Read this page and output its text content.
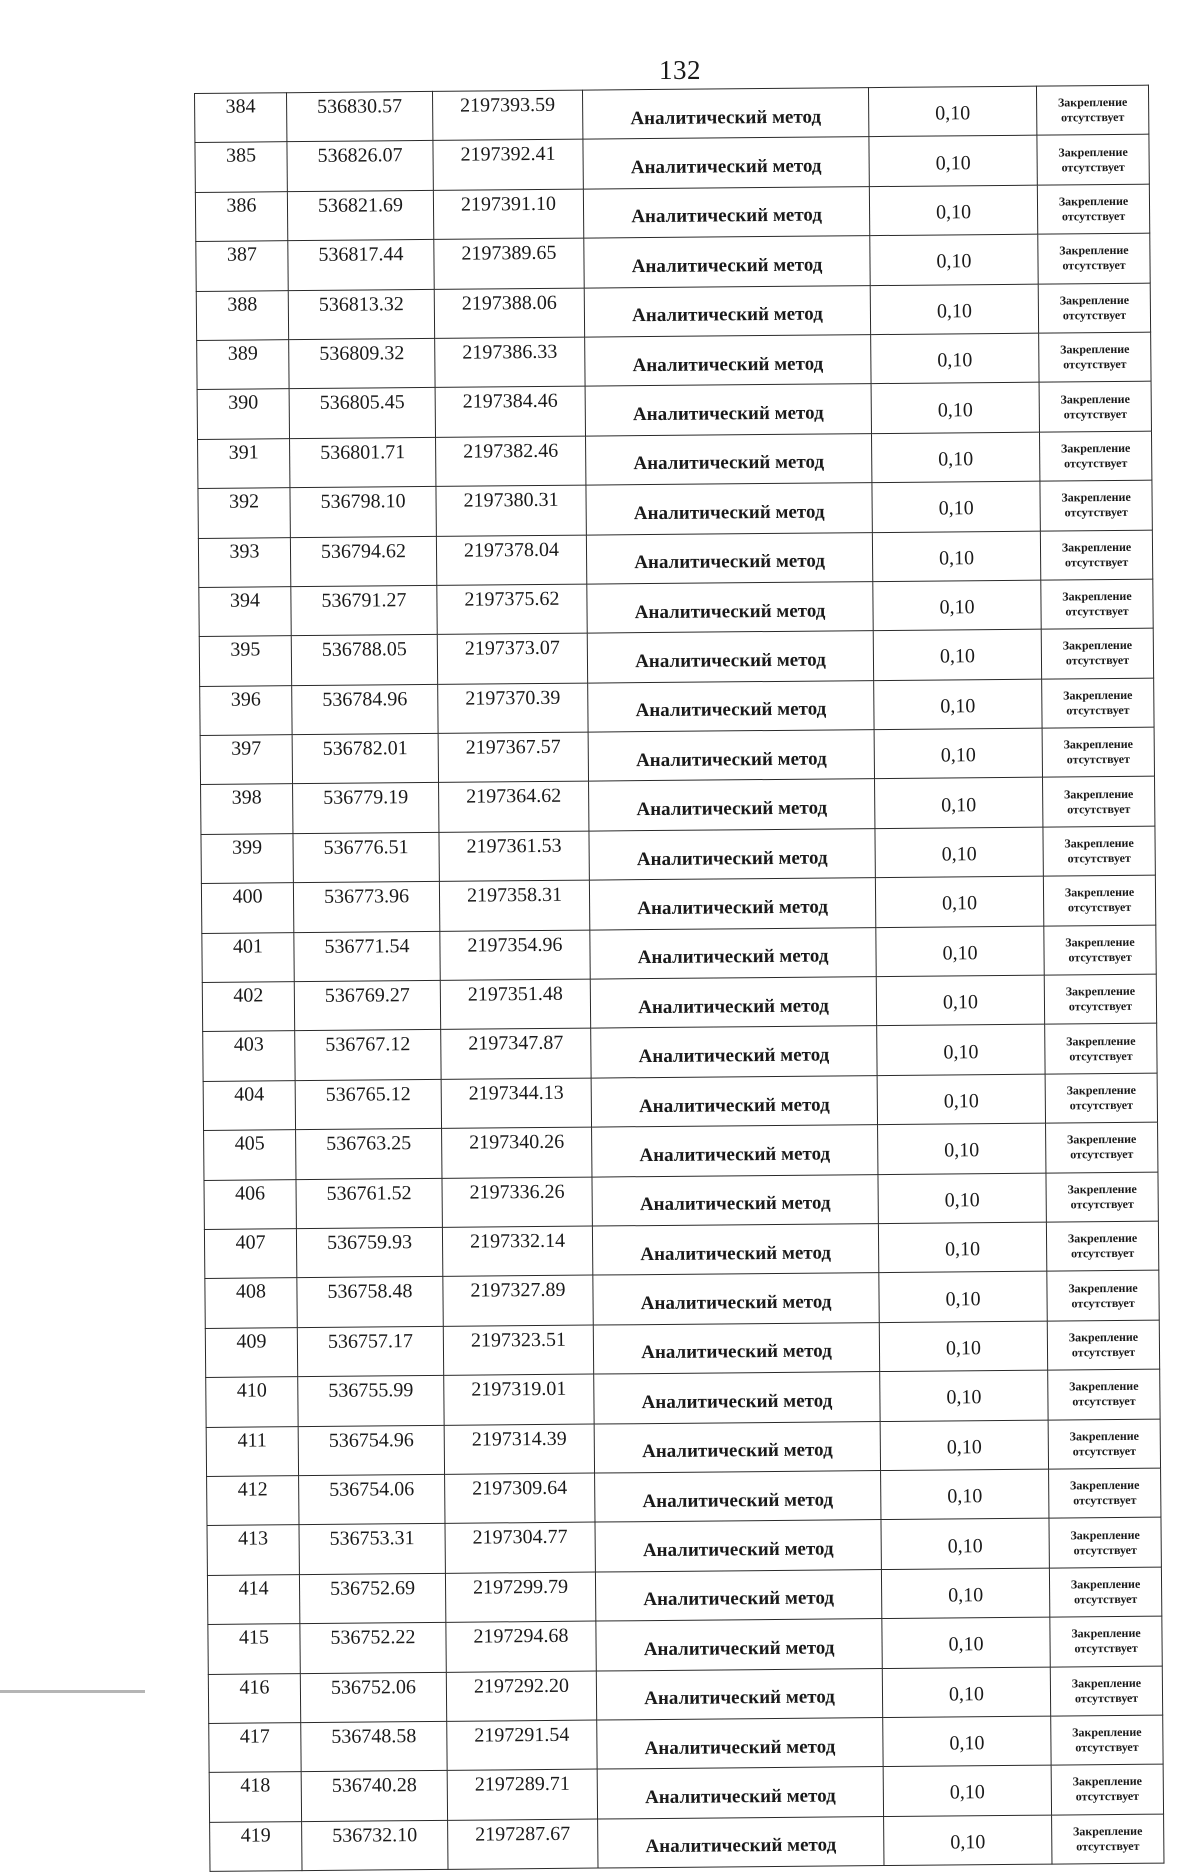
132
384	536830.57	2197393.59	Аналитический метод	0,10	Закрепление
отсутствует

385	536826.07	2197392.41	Аналитический метод	0,10	Закрепление
отсутствует

386	536821.69	2197391.10	Аналитический метод	0,10	Закрепление
отсутствует

387	536817.44	2197389.65	Аналитический метод	0,10	Закрепление
отсутствует

388	536813.32	2197388.06	Аналитический метод	0,10	Закрепление
отсутствует

389	536809.32	2197386.33	Аналитический метод	0,10	Закрепление
отсутствует

390	536805.45	2197384.46	Аналитический метод	0,10	Закрепление
отсутствует

391	536801.71	2197382.46	Аналитический метод	0,10	Закрепление
отсутствует

392	536798.10	2197380.31	Аналитический метод	0,10	Закрепление
отсутствует

393	536794.62	2197378.04	Аналитический метод	0,10	Закрепление
отсутствует

394	536791.27	2197375.62	Аналитический метод	0,10	Закрепление
отсутствует

395	536788.05	2197373.07	Аналитический метод	0,10	Закрепление
отсутствует

396	536784.96	2197370.39	Аналитический метод	0,10	Закрепление
отсутствует

397	536782.01	2197367.57	Аналитический метод	0,10	Закрепление
отсутствует

398	536779.19	2197364.62	Аналитический метод	0,10	Закрепление
отсутствует

399	536776.51	2197361.53	Аналитический метод	0,10	Закрепление
отсутствует

400	536773.96	2197358.31	Аналитический метод	0,10	Закрепление
отсутствует

401	536771.54	2197354.96	Аналитический метод	0,10	Закрепление
отсутствует

402	536769.27	2197351.48	Аналитический метод	0,10	Закрепление
отсутствует

403	536767.12	2197347.87	Аналитический метод	0,10	Закрепление
отсутствует

404	536765.12	2197344.13	Аналитический метод	0,10	Закрепление
отсутствует

405	536763.25	2197340.26	Аналитический метод	0,10	Закрепление
отсутствует

406	536761.52	2197336.26	Аналитический метод	0,10	Закрепление
отсутствует

407	536759.93	2197332.14	Аналитический метод	0,10	Закрепление
отсутствует

408	536758.48	2197327.89	Аналитический метод	0,10	Закрепление
отсутствует

409	536757.17	2197323.51	Аналитический метод	0,10	Закрепление
отсутствует

410	536755.99	2197319.01	Аналитический метод	0,10	Закрепление
отсутствует

411	536754.96	2197314.39	Аналитический метод	0,10	Закрепление
отсутствует

412	536754.06	2197309.64	Аналитический метод	0,10	Закрепление
отсутствует

413	536753.31	2197304.77	Аналитический метод	0,10	Закрепление
отсутствует

414	536752.69	2197299.79	Аналитический метод	0,10	Закрепление
отсутствует

415	536752.22	2197294.68	Аналитический метод	0,10	Закрепление
отсутствует

416	536752.06	2197292.20	Аналитический метод	0,10	Закрепление
отсутствует

417	536748.58	2197291.54	Аналитический метод	0,10	Закрепление
отсутствует

418	536740.28	2197289.71	Аналитический метод	0,10	Закрепление
отсутствует

419	536732.10	2197287.67	Аналитический метод	0,10	Закрепление
отсутствует
